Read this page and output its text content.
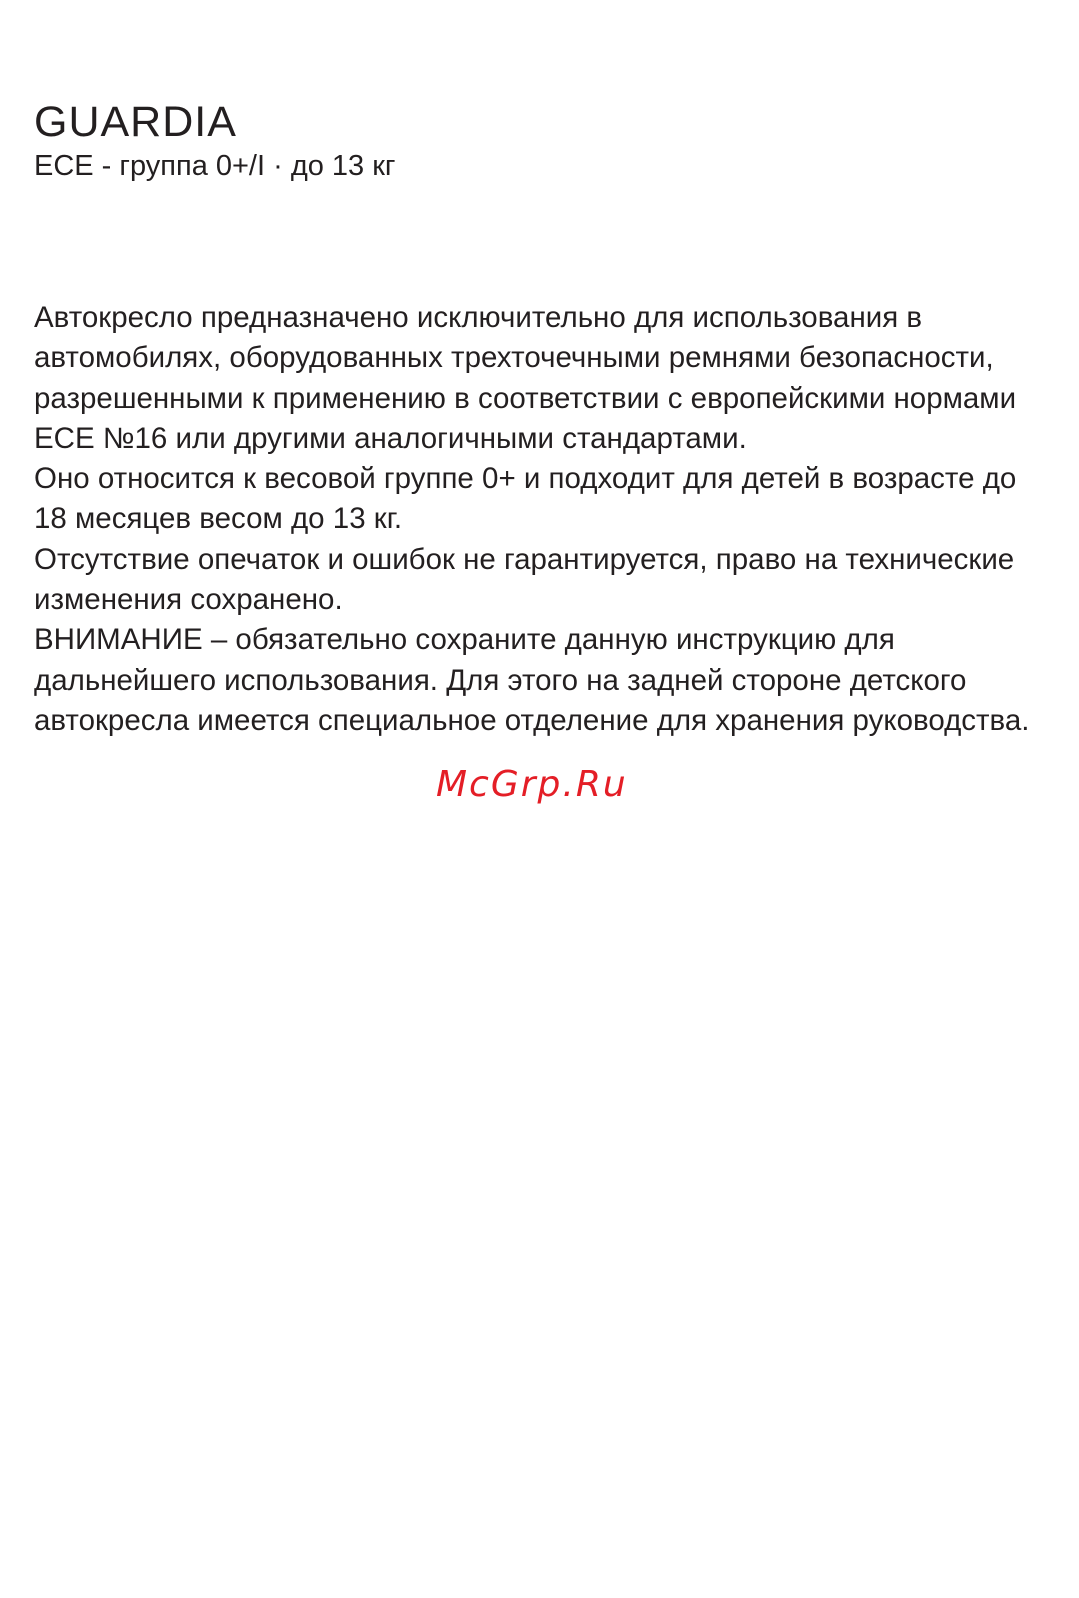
GUARDIA

ECE - группа 0+/I · до 13 кг

Автокресло предназначено исключительно для использования в автомобилях, оборудованных трехточечными ремнями безопасности, разрешенными к применению в соответствии с европейскими нормами ECE №16 или другими аналогичными стандартами.

Оно относится к весовой группе 0+ и подходит для детей в возрасте до 18 месяцев весом до 13 кг.

Отсутствие опечаток и ошибок не гарантируется, право на технические изменения сохранено.

ВНИМАНИЕ – обязательно сохраните данную инструкцию для дальнейшего использования. Для этого на задней стороне детского автокресла имеется специальное отделение для хранения руководства.

McGrp.Ru
